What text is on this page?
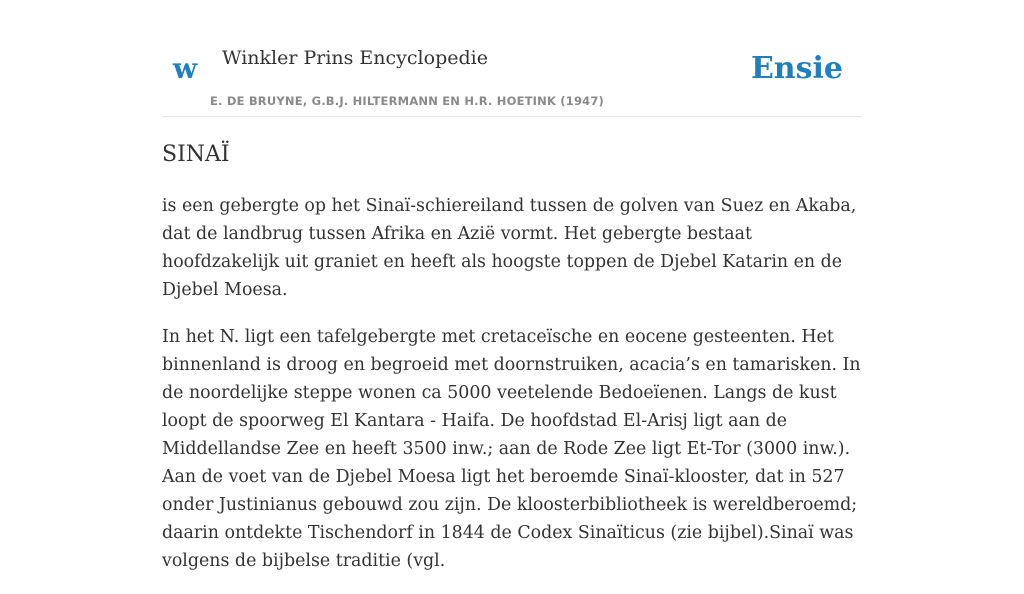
w Winkler Prins Encyclopedie
E. DE BRUYNE, G.B.J. HILTERMANN EN H.R. HOETINK (1947)
Ensie
SINAÏ

is een gebergte op het Sinaï-schiereiland tussen de golven van Suez en Akaba, dat de landbrug tussen Afrika en Azië vormt. Het gebergte bestaat hoofdzakelijk uit graniet en heeft als hoogste toppen de Djebel Katarin en de Djebel Moesa.

In het N. ligt een tafelgebergte met cretaceïsche en eocene gesteenten. Het binnenland is droog en begroeid met doornstruiken, acacia’s en tamarisken. In de noordelijke steppe wonen ca 5000 veetelende Bedoeïenen. Langs de kust loopt de spoorweg El Kantara - Haifa. De hoofdstad El-Arisj ligt aan de Middellandse Zee en heeft 3500 inw.; aan de Rode Zee ligt Et-Tor (3000 inw.). Aan de voet van de Djebel Moesa ligt het beroemde Sinaï-klooster, dat in 527 onder Justinianus gebouwd zou zijn. De kloosterbibliotheek is wereldberoemd; daarin ontdekte Tischendorf in 1844 de Codex Sinaïticus (zie bijbel).Sinaï was volgens de bijbelse traditie (vgl.
